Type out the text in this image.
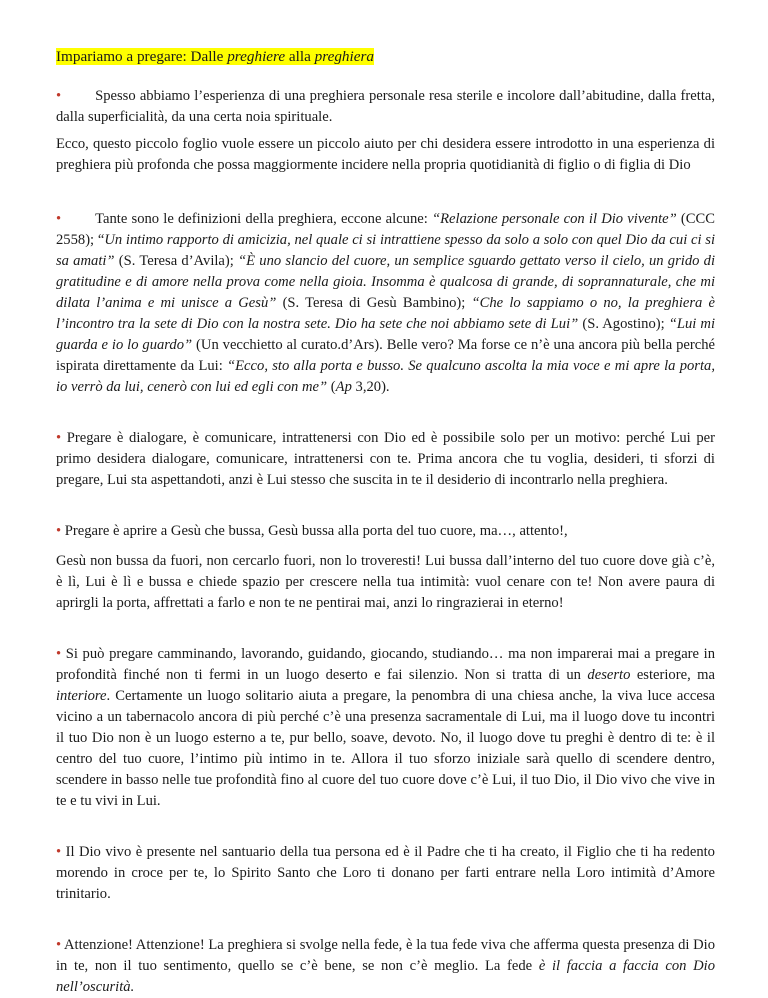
Impariamo a pregare: Dalle preghiere alla preghiera

• Spesso abbiamo l’esperienza di una preghiera personale resa sterile e incolore dall’abitudine, dalla fretta, dalla superficialità, da una certa noia spirituale.

Ecco, questo piccolo foglio vuole essere un piccolo aiuto per chi desidera essere introdotto in una esperienza di preghiera più profonda che possa maggiormente incidere nella propria quotidianità di figlio o di figlia di Dio

• Tante sono le definizioni della preghiera, eccone alcune: “Relazione personale con il Dio vivente” (CCC 2558); “Un intimo rapporto di amicizia, nel quale ci si intrattiene spesso da solo a solo con quel Dio da cui ci si sa amati” (S. Teresa d’Avila); “È uno slancio del cuore, un semplice sguardo gettato verso il cielo, un grido di gratitudine e di amore nella prova come nella gioia. Insomma è qualcosa di grande, di soprannaturale, che mi dilata l’anima e mi unisce a Gesù” (S. Teresa di Gesù Bambino); “Che lo sappiamo o no, la preghiera è l’incontro tra la sete di Dio con la nostra sete. Dio ha sete che noi abbiamo sete di Lui” (S. Agostino); “Lui mi guarda e io lo guardo” (Un vecchietto al curato.d’Ars). Belle vero? Ma forse ce n’è una ancora più bella perché ispirata direttamente da Lui: “Ecco, sto alla porta e busso. Se qualcuno ascolta la mia voce e mi apre la porta, io verrò da lui, cenerò con lui ed egli con me” (Ap 3,20).

• Pregare è dialogare, è comunicare, intrattenersi con Dio ed è possibile solo per un motivo: perché Lui per primo desidera dialogare, comunicare, intrattenersi con te. Prima ancora che tu voglia, desideri, ti sforzi di pregare, Lui sta aspettandoti, anzi è Lui stesso che suscita in te il desiderio di incontrarlo nella preghiera.

• Pregare è aprire a Gesù che bussa, Gesù bussa alla porta del tuo cuore, ma…, attento!,

Gesù non bussa da fuori, non cercarlo fuori, non lo troveresti! Lui bussa dall’interno del tuo cuore dove già c’è, è lì, Lui è lì e bussa e chiede spazio per crescere nella tua intimità: vuol cenare con te! Non avere paura di aprirgli la porta, affrettati a farlo e non te ne pentirai mai, anzi lo ringrazierai in eterno!

• Si può pregare camminando, lavorando, guidando, giocando, studiando… ma non imparerai mai a pregare in profondità finché non ti fermi in un luogo deserto e fai silenzio. Non si tratta di un deserto esteriore, ma interiore. Certamente un luogo solitario aiuta a pregare, la penombra di una chiesa anche, la viva luce accesa vicino a un tabernacolo ancora di più perché c’è una presenza sacramentale di Lui, ma il luogo dove tu incontri il tuo Dio non è un luogo esterno a te, pur bello, soave, devoto. No, il luogo dove tu preghi è dentro di te: è il centro del tuo cuore, l’intimo più intimo in te. Allora il tuo sforzo iniziale sarà quello di scendere dentro, scendere in basso nelle tue profondità fino al cuore del tuo cuore dove c’è Lui, il tuo Dio, il Dio vivo che vive in te e tu vivi in Lui.

• Il Dio vivo è presente nel santuario della tua persona ed è il Padre che ti ha creato, il Figlio che ti ha redento morendo in croce per te, lo Spirito Santo che Loro ti donano per farti entrare nella Loro intimità d’Amore trinitario.

• Attenzione! Attenzione! La preghiera si svolge nella fede, è la tua fede viva che afferma questa presenza di Dio in te, non il tuo sentimento, quello se c’è bene, se non c’è meglio. La fede è il faccia a faccia con Dio nell’oscurità.
